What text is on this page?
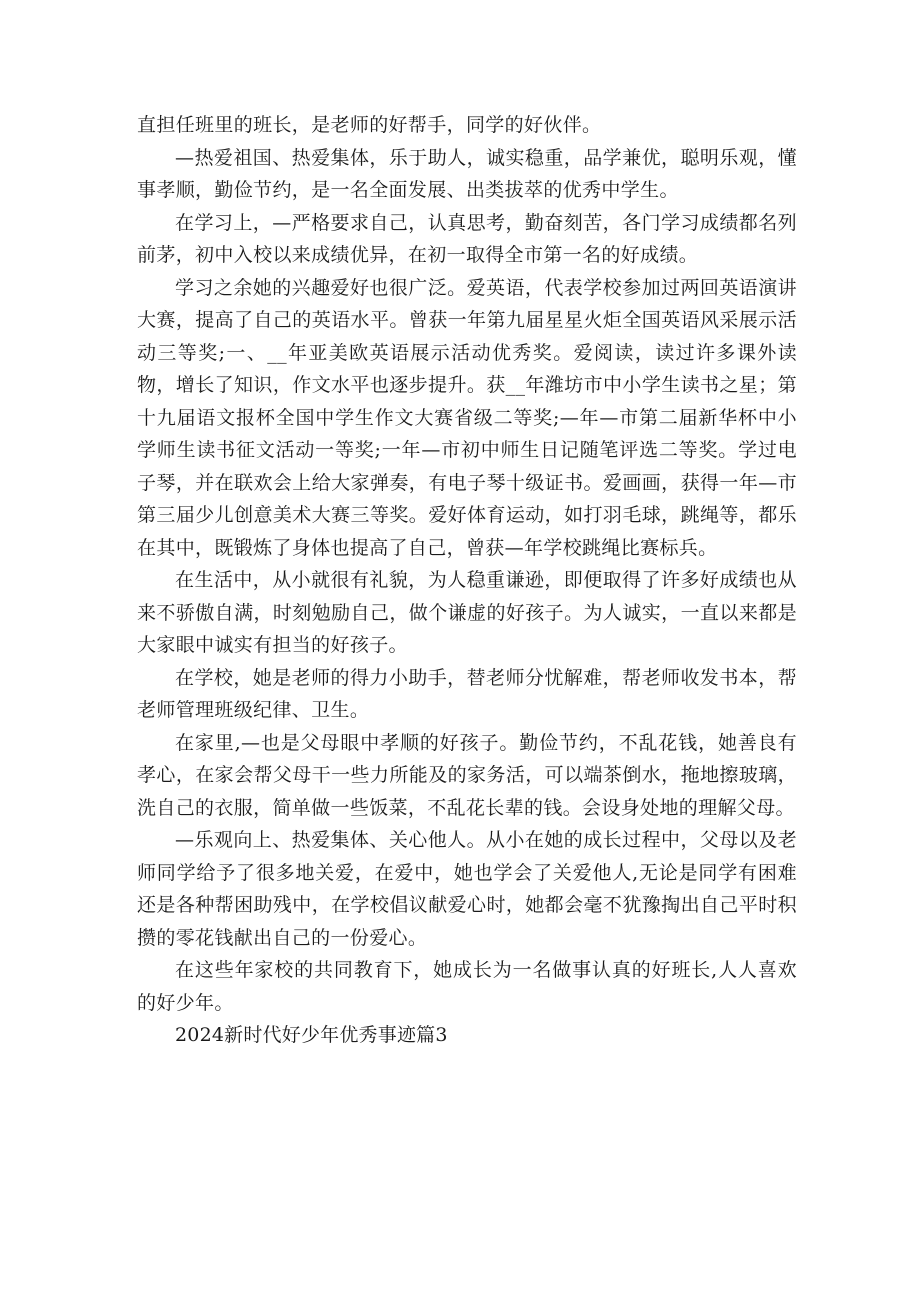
直担任班里的班长，是老师的好帮手，同学的好伙伴。

—热爱祖国、热爱集体，乐于助人，诚实稳重，品学兼优，聪明乐观，懂事孝顺，勤俭节约，是一名全面发展、出类拔萃的优秀中学生。

在学习上，—严格要求自己，认真思考，勤奋刻苦，各门学习成绩都名列前茅，初中入校以来成绩优异，在初一取得全市第一名的好成绩。

学习之余她的兴趣爱好也很广泛。爱英语，代表学校参加过两回英语演讲大赛，提高了自己的英语水平。曾获一年第九届星星火炬全国英语风采展示活动三等奖;一、__年亚美欧英语展示活动优秀奖。爱阅读，读过许多课外读物，增长了知识，作文水平也逐步提升。获__年潍坊市中小学生读书之星；第十九届语文报杯全国中学生作文大赛省级二等奖;—年—市第二届新华杯中小学师生读书征文活动一等奖;一年—市初中师生日记随笔评选二等奖。学过电子琴，并在联欢会上给大家弹奏，有电子琴十级证书。爱画画，获得一年—市第三届少儿创意美术大赛三等奖。爱好体育运动，如打羽毛球，跳绳等，都乐在其中，既锻炼了身体也提高了自己，曾获—年学校跳绳比赛标兵。

在生活中，从小就很有礼貌，为人稳重谦逊，即便取得了许多好成绩也从来不骄傲自满，时刻勉励自己，做个谦虚的好孩子。为人诚实，一直以来都是大家眼中诚实有担当的好孩子。

在学校，她是老师的得力小助手，替老师分忧解难，帮老师收发书本，帮老师管理班级纪律、卫生。

在家里,—也是父母眼中孝顺的好孩子。勤俭节约，不乱花钱，她善良有孝心，在家会帮父母干一些力所能及的家务活，可以端茶倒水，拖地擦玻璃，洗自己的衣服，简单做一些饭菜，不乱花长辈的钱。会设身处地的理解父母。

—乐观向上、热爱集体、关心他人。从小在她的成长过程中，父母以及老师同学给予了很多地关爱，在爱中，她也学会了关爱他人,无论是同学有困难还是各种帮困助残中，在学校倡议献爱心时，她都会毫不犹豫掏出自己平时积攒的零花钱献出自己的一份爱心。

在这些年家校的共同教育下，她成长为一名做事认真的好班长,人人喜欢的好少年。

2024新时代好少年优秀事迹篇3
